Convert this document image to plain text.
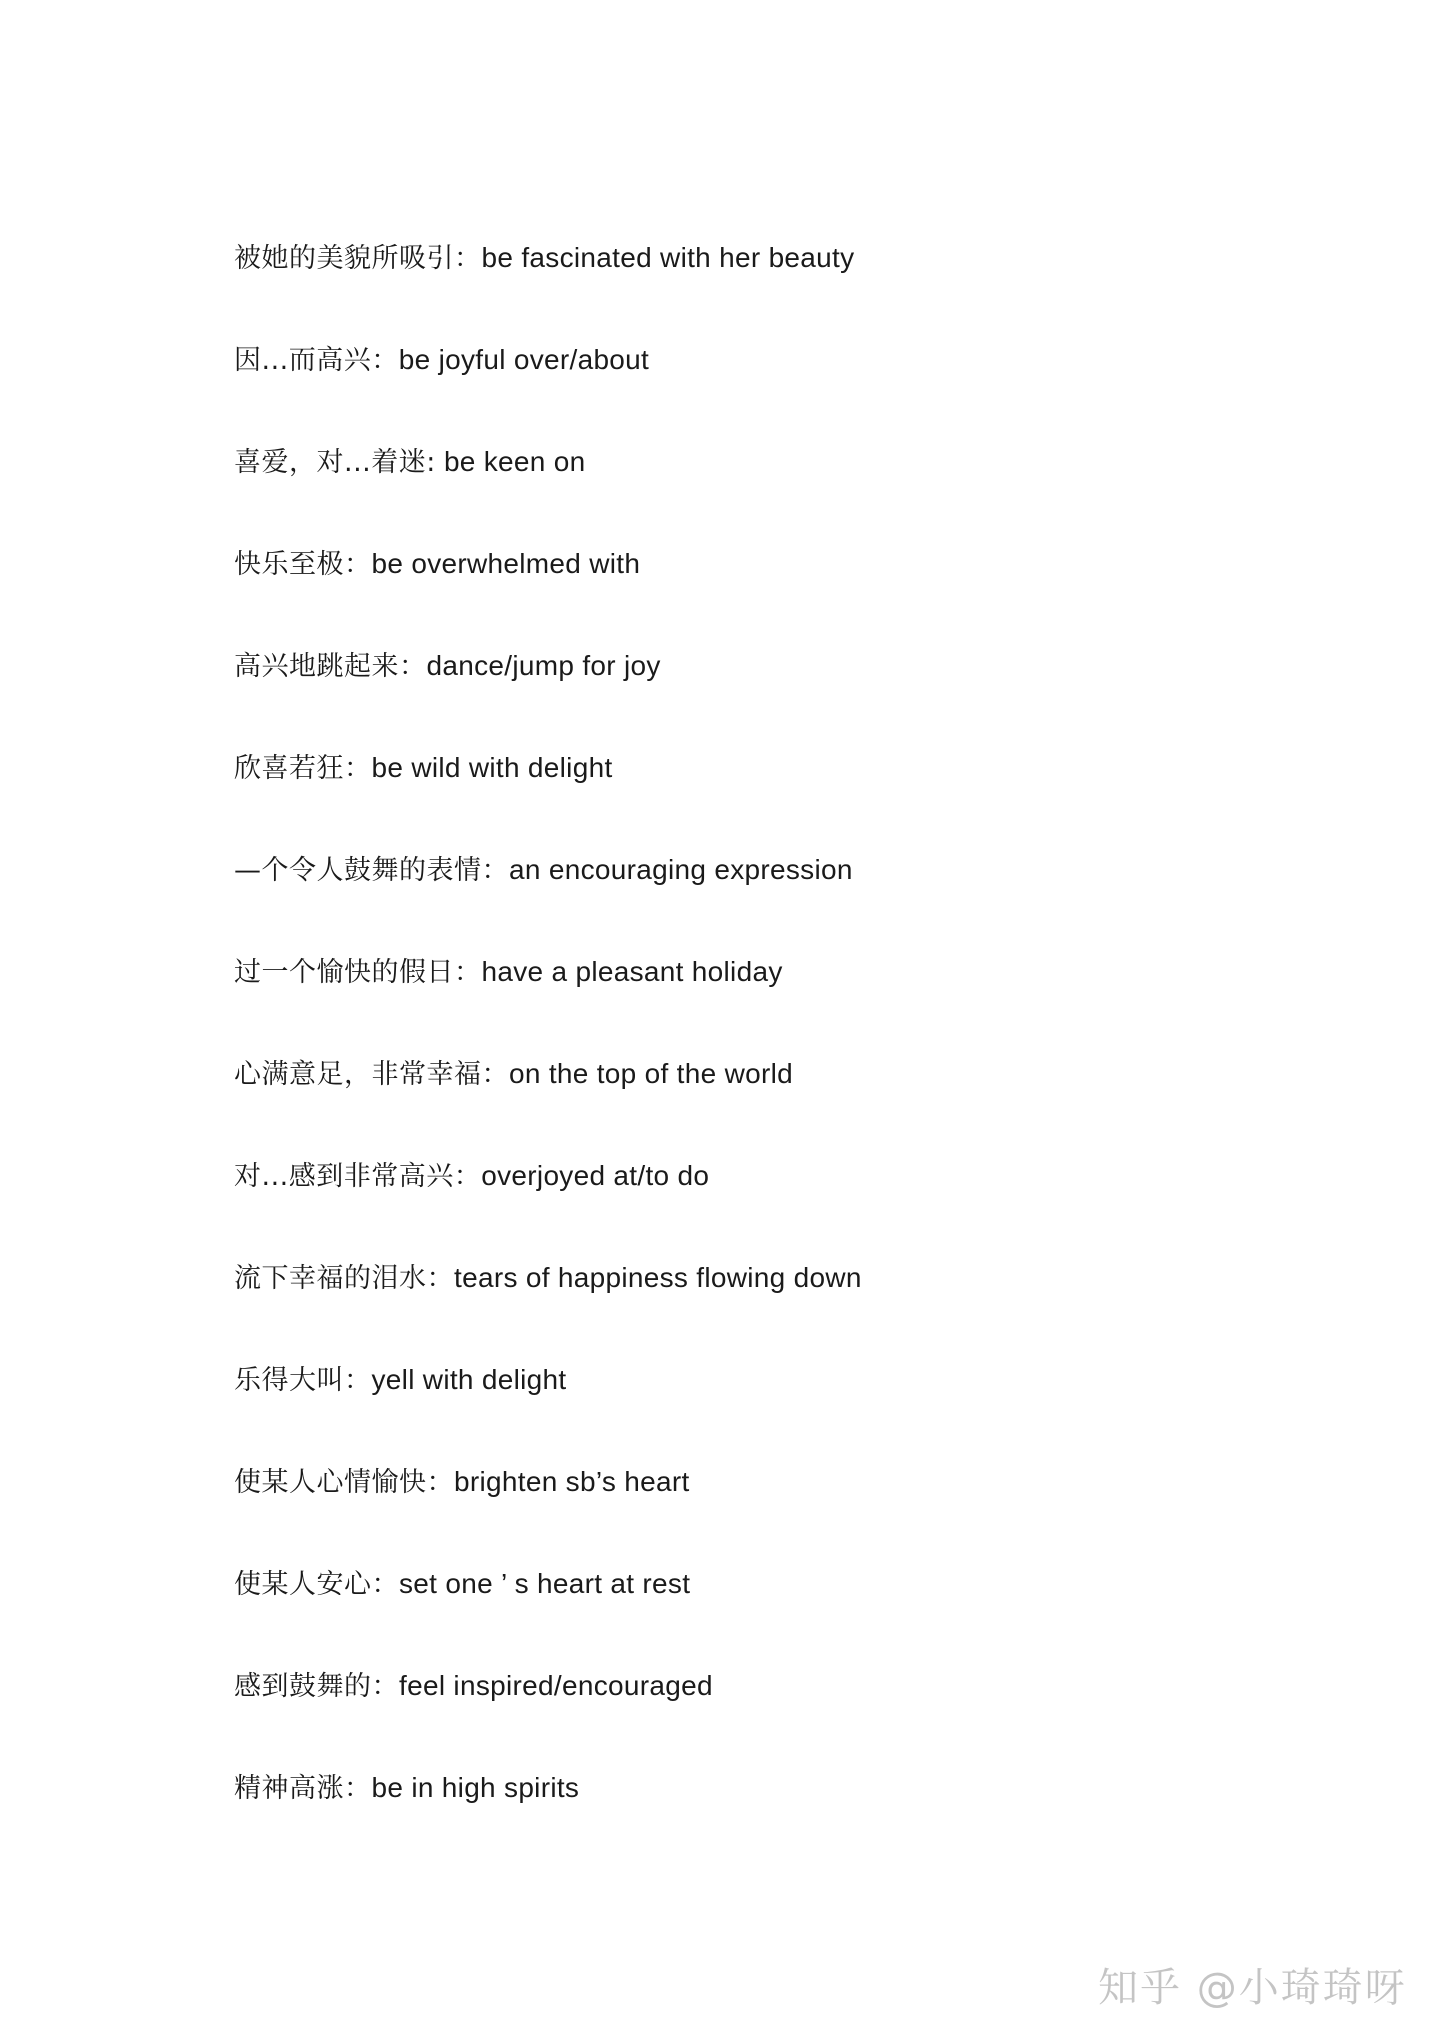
被她的美貌所吸引：be fascinated with her beauty
因...而高兴：be joyful over/about
喜爱，对...着迷: be keen on
快乐至极：be overwhelmed with
高兴地跳起来：dance/jump for joy
欣喜若狂：be wild with delight
—个令人鼓舞的表情：an encouraging expression
过一个愉快的假日：have a pleasant holiday
心满意足，非常幸福：on the top of the world
对...感到非常高兴：overjoyed at/to do
流下幸福的泪水：tears of happiness flowing down
乐得大叫：yell with delight
使某人心情愉快：brighten sb’s heart
使某人安心：set one ’ s heart at rest
感到鼓舞的：feel inspired/encouraged
精神高涨：be in high spirits
知乎 @小琦琦呀
